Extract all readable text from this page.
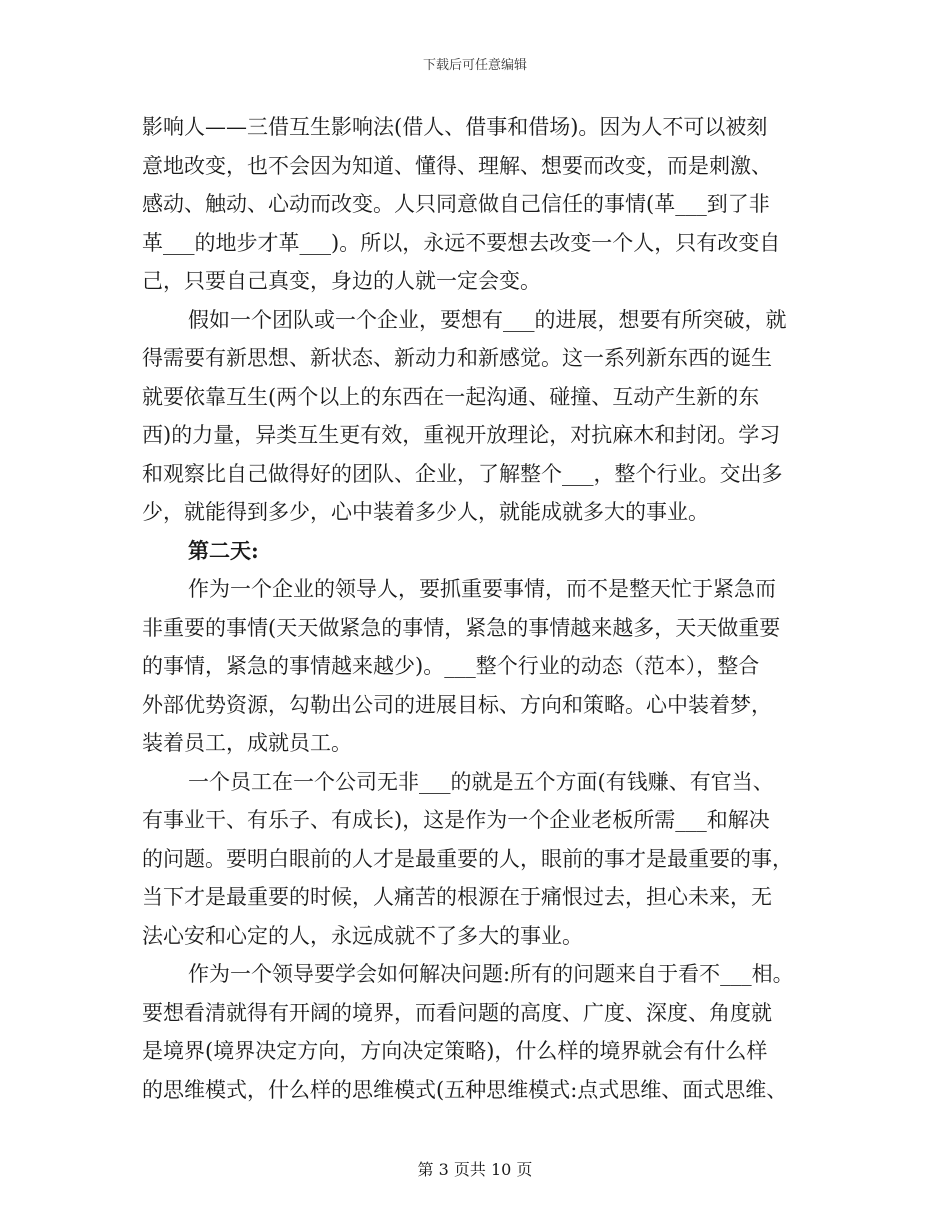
下载后可任意编辑
影响人——三借互生影响法(借人、借事和借场)。因为人不可以被刻
意地改变，也不会因为知道、懂得、理解、想要而改变，而是刺激、
感动、触动、心动而改变。人只同意做自己信任的事情(革___到了非
革___的地步才革___)。所以，永远不要想去改变一个人，只有改变自
己，只要自己真变，身边的人就一定会变。
假如一个团队或一个企业，要想有___的进展，想要有所突破，就
得需要有新思想、新状态、新动力和新感觉。这一系列新东西的诞生
就要依靠互生(两个以上的东西在一起沟通、碰撞、互动产生新的东
西)的力量，异类互生更有效，重视开放理论，对抗麻木和封闭。学习
和观察比自己做得好的团队、企业，了解整个___，整个行业。交出多
少，就能得到多少，心中装着多少人，就能成就多大的事业。
第二天:
作为一个企业的领导人，要抓重要事情，而不是整天忙于紧急而
非重要的事情(天天做紧急的事情，紧急的事情越来越多，天天做重要
的事情，紧急的事情越来越少)。___整个行业的动态（范本），整合
外部优势资源，勾勒出公司的进展目标、方向和策略。心中装着梦，
装着员工，成就员工。
一个员工在一个公司无非___的就是五个方面(有钱赚、有官当、
有事业干、有乐子、有成长)，这是作为一个企业老板所需___和解决
的问题。要明白眼前的人才是最重要的人，眼前的事才是最重要的事，
当下才是最重要的时候，人痛苦的根源在于痛恨过去，担心未来，无
法心安和心定的人，永远成就不了多大的事业。
作为一个领导要学会如何解决问题:所有的问题来自于看不___相。
要想看清就得有开阔的境界，而看问题的高度、广度、深度、角度就
是境界(境界决定方向，方向决定策略)，什么样的境界就会有什么样
的思维模式，什么样的思维模式(五种思维模式:点式思维、面式思维、
第 3 页共 10 页
